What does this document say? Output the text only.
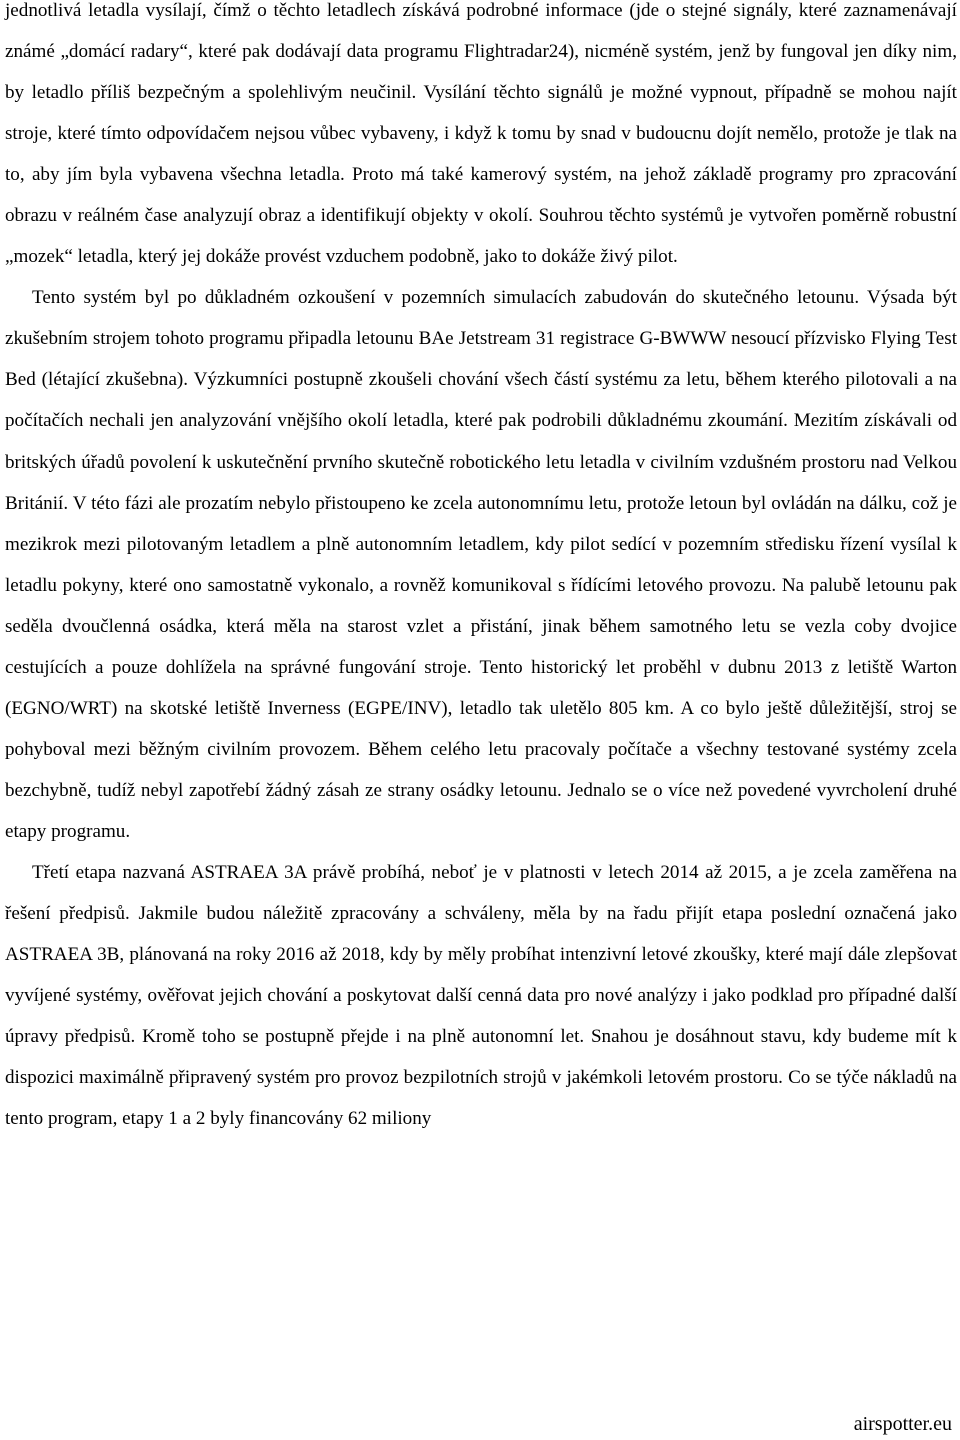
jednotlivá letadla vysílají, čímž o těchto letadlech získává podrobné informace (jde o stejné signály, které zaznamenávají známé „domácí radary“, které pak dodávají data programu Flightradar24), nicméně systém, jenž by fungoval jen díky nim, by letadlo příliš bezpečným a spolehlivým neučinil. Vysílání těchto signálů je možné vypnout, případně se mohou najít stroje, které tímto odpovídačem nejsou vůbec vybaveny, i když k tomu by snad v budoucnu dojít nemělo, protože je tlak na to, aby jím byla vybavena všechna letadla. Proto má také kamerový systém, na jehož základě programy pro zpracování obrazu v reálném čase analyzují obraz a identifikují objekty v okolí. Souhrou těchto systémů je vytvořen poměrně robustní „mozek“ letadla, který jej dokáže provést vzduchem podobně, jako to dokáže živý pilot.

Tento systém byl po důkladném ozkoušení v pozemních simulacích zabudován do skutečného letounu. Výsada být zkušebním strojem tohoto programu připadla letounu BAe Jetstream 31 registrace G-BWWW nesoucí přízvisko Flying Test Bed (létající zkušebna). Výzkumníci postupně zkoušeli chování všech částí systému za letu, během kterého pilotovali a na počítačích nechali jen analyzování vnějšího okolí letadla, které pak podrobili důkladnému zkoumání. Mezitím získávali od britských úřadů povolení k uskutečnění prvního skutečně robotického letu letadla v civilním vzdušném prostoru nad Velkou Británií. V této fázi ale prozatím nebylo přistoupeno ke zcela autonomnímu letu, protože letoun byl ovládán na dálku, což je mezikrok mezi pilotovaným letadlem a plně autonomním letadlem, kdy pilot sedící v pozemním středisku řízení vysílal k letadlu pokyny, které ono samostatně vykonalo, a rovněž komunikoval s řídícími letového provozu. Na palubě letounu pak seděla dvoučlenná osádka, která měla na starost vzlet a přistání, jinak během samotného letu se vezla coby dvojice cestujících a pouze dohlížela na správné fungování stroje. Tento historický let proběhl v dubnu 2013 z letiště Warton (EGNO/WRT) na skotské letiště Inverness (EGPE/INV), letadlo tak uletělo 805 km. A co bylo ještě důležitější, stroj se pohyboval mezi běžným civilním provozem. Během celého letu pracovaly počítače a všechny testované systémy zcela bezchybně, tudíž nebyl zapotřebí žádný zásah ze strany osádky letounu. Jednalo se o více než povedené vyvrcholení druhé etapy programu.

Třetí etapa nazvaná ASTRAEA 3A právě probíhá, neboť je v platnosti v letech 2014 až 2015, a je zcela zaměřena na řešení předpisů. Jakmile budou náležitě zpracovány a schváleny, měla by na řadu přijít etapa poslední označená jako ASTRAEA 3B, plánovaná na roky 2016 až 2018, kdy by měly probíhat intenzivní letové zkoušky, které mají dále zlepšovat vyvíjené systémy, ověřovat jejich chování a poskytovat další cenná data pro nové analýzy i jako podklad pro případné další úpravy předpisů. Kromě toho se postupně přejde i na plně autonomní let. Snahou je dosáhnout stavu, kdy budeme mít k dispozici maximálně připravený systém pro provoz bezpilotních strojů v jakémkoli letovém prostoru. Co se týče nákladů na tento program, etapy 1 a 2 byly financovány 62 miliony

airspotter.eu
